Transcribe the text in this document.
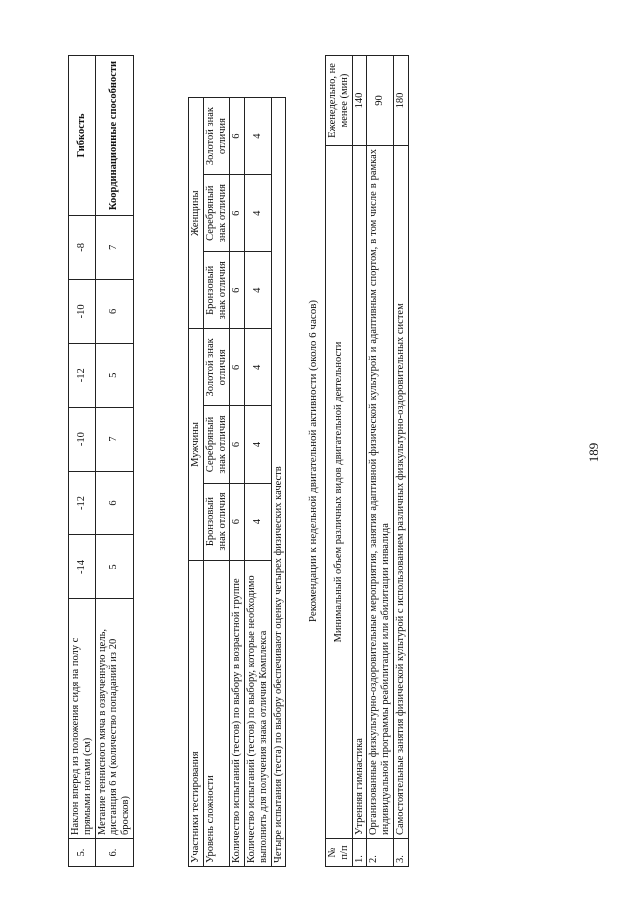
189
5.	Наклон вперед из положения сидя на полу с прямыми ногами (см)	-14	-12	-10	-12	-10	-8	Гибкость
6.	Метание теннисного мяча в озвученную цель, дистанция 6 м (количество попаданий из 20 бросков)	5	6	7	5	6	7	Координационные способности
Участники тестирования	Мужчины			Женщины		
Уровень сложности	Бронзовый знак отличия	Серебряный знак отличия	Золотой знак отличия	Бронзовый знак отличия	Серебряный знак отличия	Золотой знак отличия
Количество испытаний (тестов) по выбору в возрастной группе	6	6	6	6	6	6
Количество испытаний (тестов) по выбору, которые необходимо выполнить для получения знака отличия Комплекса	4	4	4	4	4	4
Четыре испытания (теста) по выбору обеспечивают оценку четырех физических качеств						
Рекомендации к недельной двигательной активности (около 6 часов)
№ п/п	Минимальный объем различных видов двигательной деятельности	Еженедельно, не менее (мин)
1.	Утренняя гимнастика	140
2.	Организованные физкультурно-оздоровительные мероприятия, занятия адаптивной физической культурой и адаптивным спортом, в том числе в рамках индивидуальной программы реабилитации или абилитации инвалида	90
3.	Самостоятельные занятия физической культурой с использованием различных физкультурно-оздоровительных систем	180
